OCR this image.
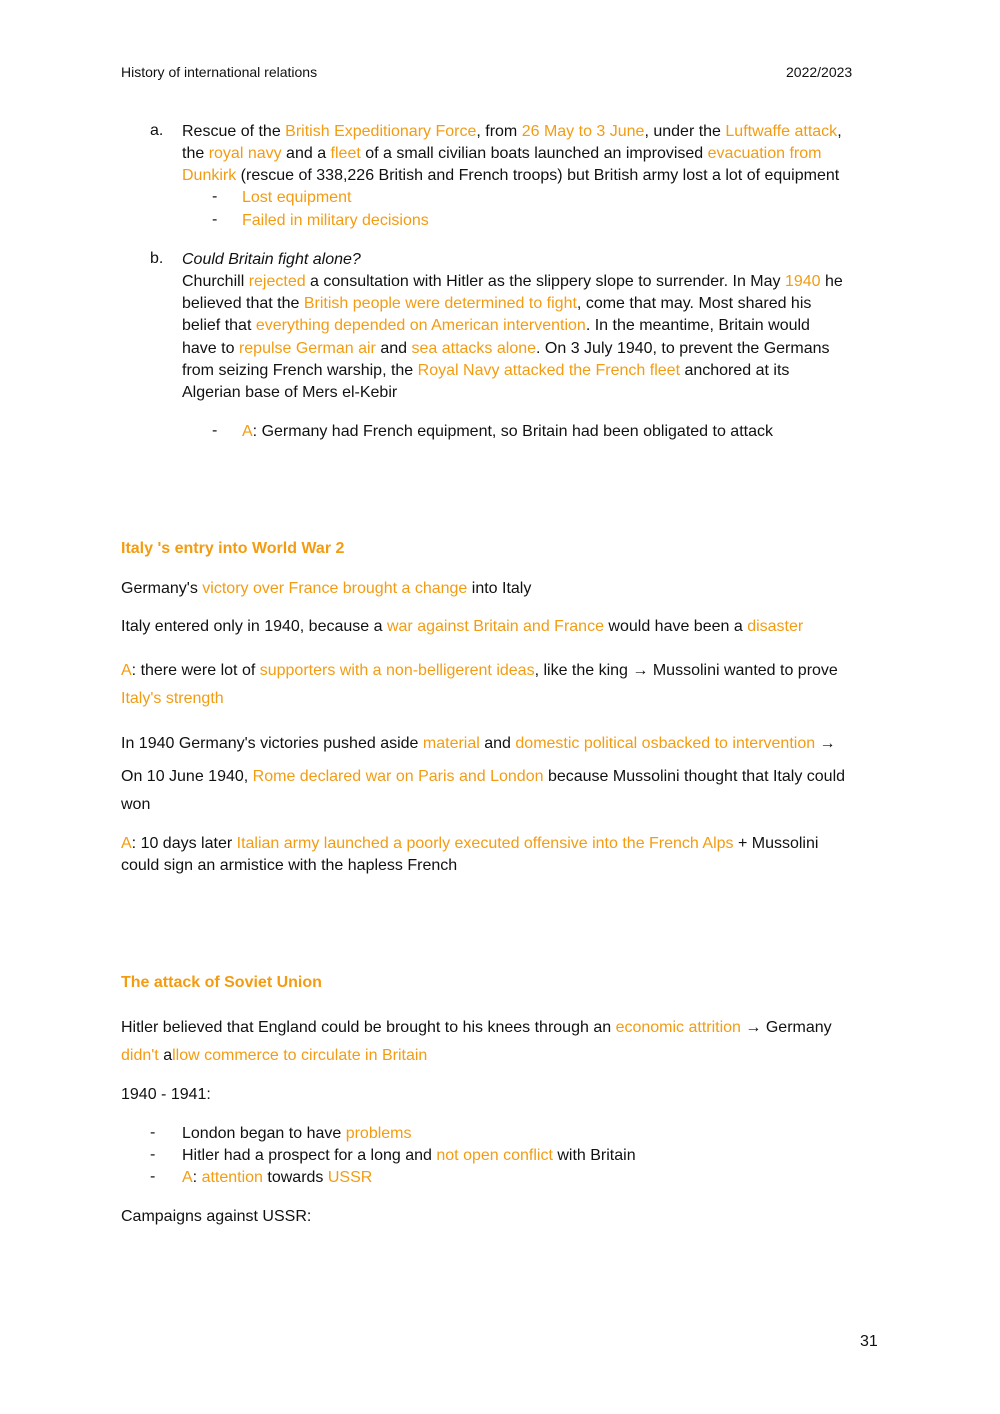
History of international relations	2022/2023
a. Rescue of the British Expeditionary Force, from 26 May to 3 June, under the Luftwaffe attack,
the royal navy and a fleet of a small civilian boats launched an improvised evacuation from
Dunkirk (rescue of 338,226 British and French troops) but British army lost a lot of equipment
- Lost equipment
- Failed in military decisions
b. Could Britain fight alone?
Churchill rejected a consultation with Hitler as the slippery slope to surrender. In May 1940 he
believed that the British people were determined to fight, come that may. Most shared his
belief that everything depended on American intervention. In the meantime, Britain would
have to repulse German air and sea attacks alone. On 3 July 1940, to prevent the Germans
from seizing French warship, the Royal Navy attacked the French fleet anchored at its
Algerian base of Mers el-Kebir
- A: Germany had French equipment, so Britain had been obligated to attack
Italy 's entry into World War 2
Germany's victory over France brought a change into Italy
Italy entered only in 1940, because a war against Britain and France would have been a disaster
A: there were lot of supporters with a non-belligerent ideas, like the king → Mussolini wanted to prove
Italy's strength
In 1940 Germany's victories pushed aside material and domestic political osbacked to intervention →
On 10 June 1940, Rome declared war on Paris and London because Mussolini thought that Italy could
won
A: 10 days later Italian army launched a poorly executed offensive into the French Alps + Mussolini
could sign an armistice with the hapless French
The attack of Soviet Union
Hitler believed that England could be brought to his knees through an economic attrition → Germany
didn't allow commerce to circulate in Britain
1940 - 1941:
- London began to have problems
- Hitler had a prospect for a long and not open conflict with Britain
- A: attention towards USSR
Campaigns against USSR:
31
